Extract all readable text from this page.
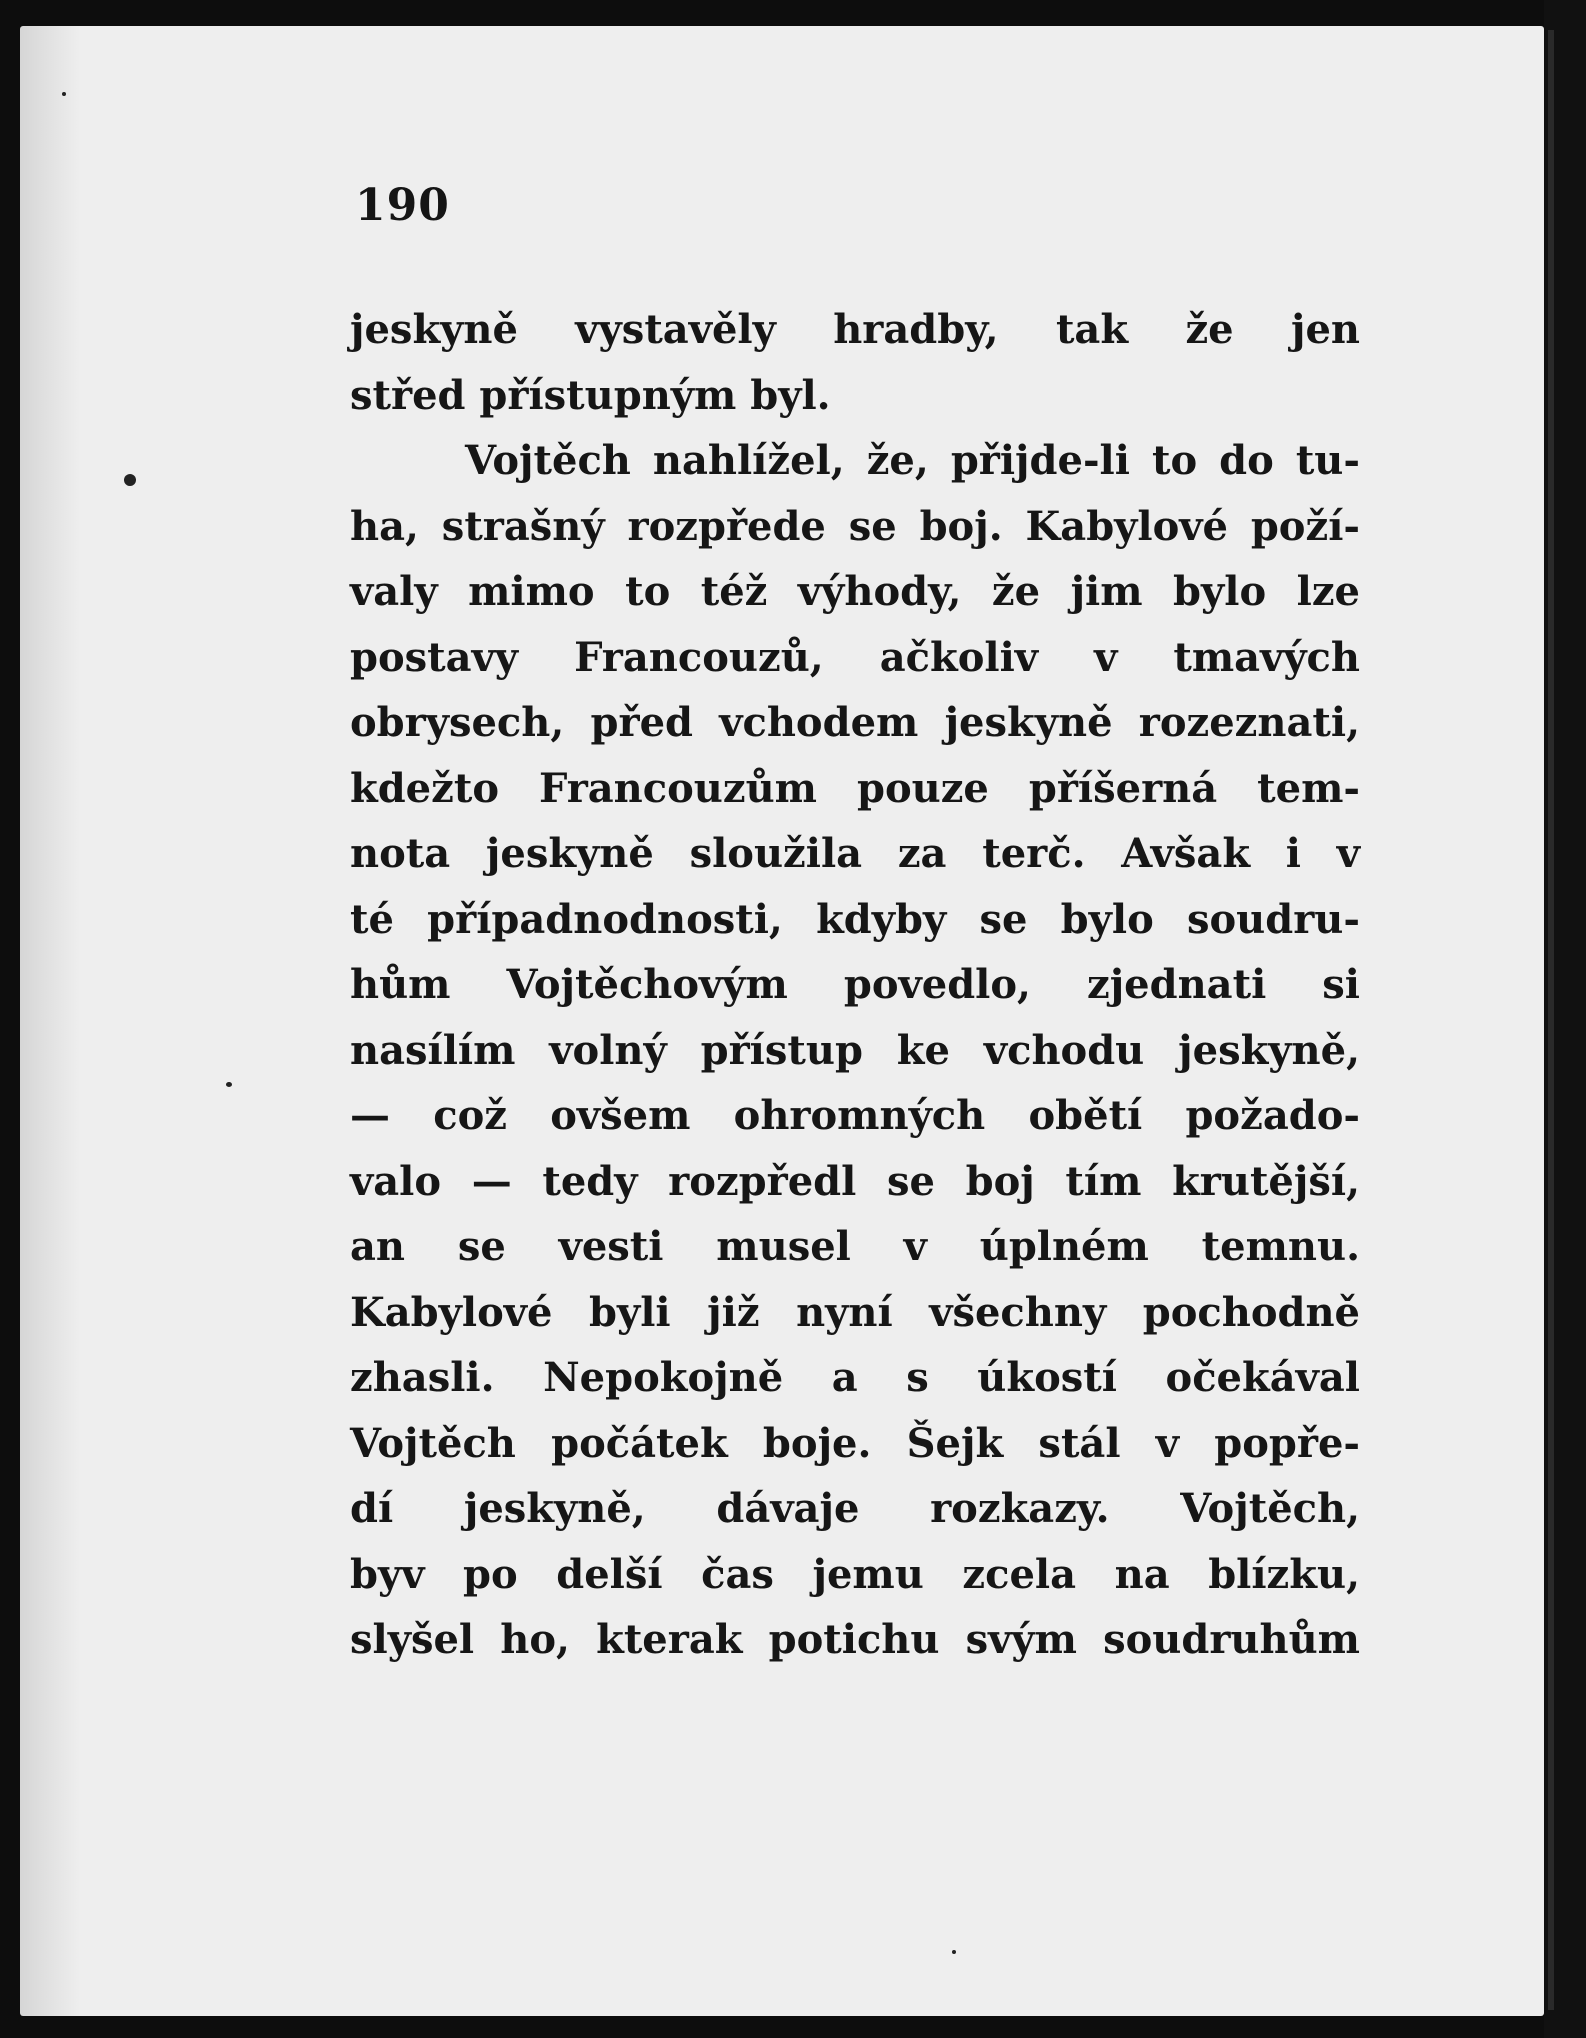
190
jeskyně vystavěly hradby, tak že jen
střed přístupným byl.
Vojtěch nahlížel, že, přijde-li to do tu-
ha, strašný rozpřede se boj. Kabylové poží-
valy mimo to též výhody, že jim bylo lze
postavy Francouzů, ačkoliv v tmavých
obrysech, před vchodem jeskyně rozeznati,
kdežto Francouzům pouze příšerná tem-
nota jeskyně sloužila za terč. Avšak i v
té případnodnosti, kdyby se bylo soudru-
hům Vojtěchovým povedlo, zjednati si
nasílím volný přístup ke vchodu jeskyně,
— což ovšem ohromných obětí požado-
valo — tedy rozpředl se boj tím krutější,
an se vesti musel v úplném temnu.
Kabylové byli již nyní všechny pochodně
zhasli. Nepokojně a s úkostí očekával
Vojtěch počátek boje. Šejk stál v popře-
dí jeskyně, dávaje rozkazy. Vojtěch,
byv po delší čas jemu zcela na blízku,
slyšel ho, kterak potichu svým soudruhům
